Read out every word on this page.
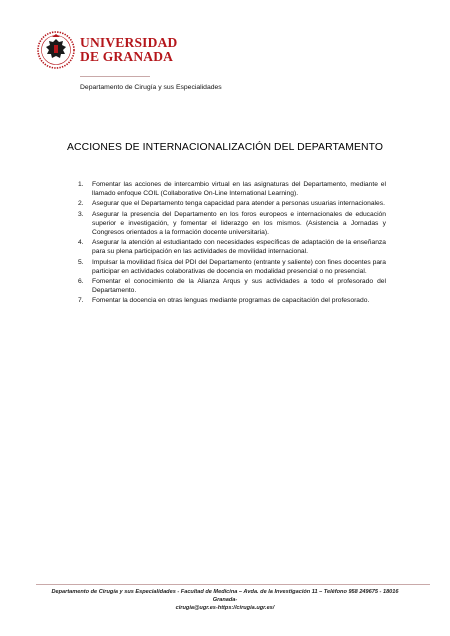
UNIVERSIDAD
DE GRANADA
Departamento de Cirugía y sus Especialidades
ACCIONES DE INTERNACIONALIZACIÓN DEL DEPARTAMENTO
1. Fomentar las acciones de intercambio virtual en las asignaturas del Departamento, mediante el llamado enfoque COIL (Collaborative On-Line International Learning).
2. Asegurar que el Departamento tenga capacidad para atender a personas usuarias internacionales.
3. Asegurar la presencia del Departamento en los foros europeos e internacionales de educación superior e investigación, y fomentar el liderazgo en los mismos. (Asistencia a Jornadas y Congresos orientados a la formación docente universitaria).
4. Asegurar la atención al estudiantado con necesidades específicas de adaptación de la enseñanza para su plena participación en las actividades de movilidad internacional.
5. Impulsar la movilidad física del PDI del Departamento (entrante y saliente) con fines docentes para participar en actividades colaborativas de docencia en modalidad presencial o no presencial.
6. Fomentar el conocimiento de la Alianza Arqus y sus actividades a todo el profesorado del Departamento.
7. Fomentar la docencia en otras lenguas mediante programas de capacitación del profesorado.
Departamento de Cirugía y sus Especialidades - Facultad de Medicina – Avda. de la Investigación 11 – Teléfono 958 249675 - 18016 Granada-
cirugia@ugr.es-https://cirugia.ugr.es/
